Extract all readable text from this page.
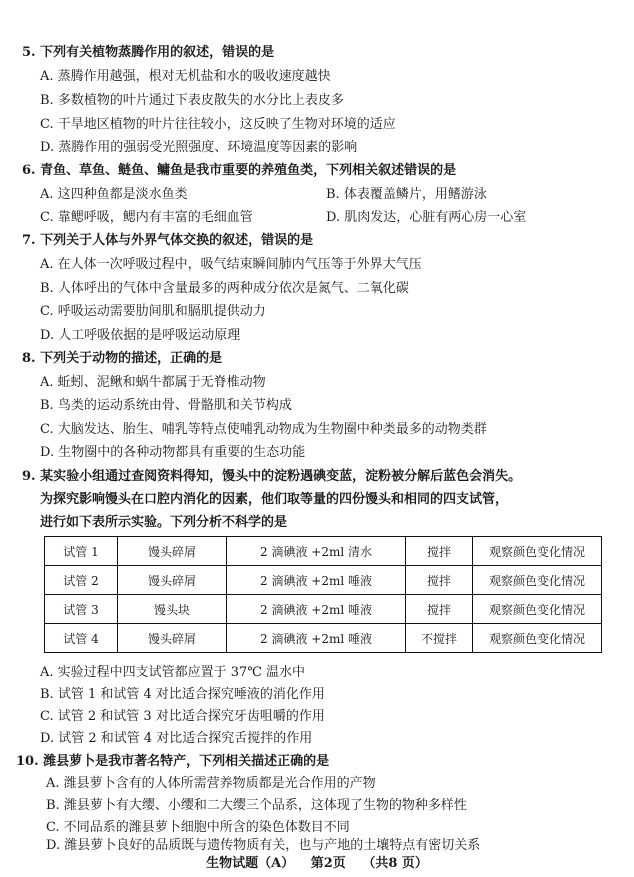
5. 下列有关植物蒸腾作用的叙述，错误的是
A. 蒸腾作用越强，根对无机盐和水的吸收速度越快
B. 多数植物的叶片通过下表皮散失的水分比上表皮多
C. 干旱地区植物的叶片往往较小，这反映了生物对环境的适应
D. 蒸腾作用的强弱受光照强度、环境温度等因素的影响
6. 青鱼、草鱼、鲢鱼、鳙鱼是我市重要的养殖鱼类，下列相关叙述错误的是
A. 这四种鱼都是淡水鱼类	B. 体表覆盖鳞片，用鳍游泳
C. 靠鳃呼吸，鳃内有丰富的毛细血管	D. 肌肉发达，心脏有两心房一心室
7. 下列关于人体与外界气体交换的叙述，错误的是
A. 在人体一次呼吸过程中，吸气结束瞬间肺内气压等于外界大气压
B. 人体呼出的气体中含量最多的两种成分依次是氮气、二氧化碳
C. 呼吸运动需要肋间肌和膈肌提供动力
D. 人工呼吸依据的是呼吸运动原理
8. 下列关于动物的描述，正确的是
A. 蚯蚓、泥鳅和蜗牛都属于无脊椎动物
B. 鸟类的运动系统由骨、骨骼肌和关节构成
C. 大脑发达、胎生、哺乳等特点使哺乳动物成为生物圈中种类最多的动物类群
D. 生物圈中的各种动物都具有重要的生态功能
9. 某实验小组通过查阅资料得知，馒头中的淀粉遇碘变蓝，淀粉被分解后蓝色会消失。
为探究影响馒头在口腔内消化的因素，他们取等量的四份馒头和相同的四支试管，
试管 1	馒头碎屑	2 滴碘液 +2ml 清水	搅拌	观察颜色变化情况
试管 2	馒头碎屑	2 滴碘液 +2ml 唾液	搅拌	观察颜色变化情况
试管 3	馒头块	2 滴碘液 +2ml 唾液	搅拌	观察颜色变化情况
试管 4	馒头碎屑	2 滴碘液 +2ml 唾液	不搅拌	观察颜色变化情况
进行如下表所示实验。下列分析不科学的是
A. 实验过程中四支试管都应置于 37℃ 温水中
B. 试管 1 和试管 4 对比适合探究唾液的消化作用
C. 试管 2 和试管 3 对比适合探究牙齿咀嚼的作用
D. 试管 2 和试管 4 对比适合探究舌搅拌的作用
10. 潍县萝卜是我市著名特产，下列相关描述正确的是
A. 潍县萝卜含有的人体所需营养物质都是光合作用的产物
B. 潍县萝卜有大缨、小缨和二大缨三个品系，这体现了生物的物种多样性
C. 不同品系的潍县萝卜细胞中所含的染色体数目不同
生物试题（A） 第2页 （共8 页）
D. 潍县萝卜良好的品质既与遗传物质有关，也与产地的土壤特点有密切关系
